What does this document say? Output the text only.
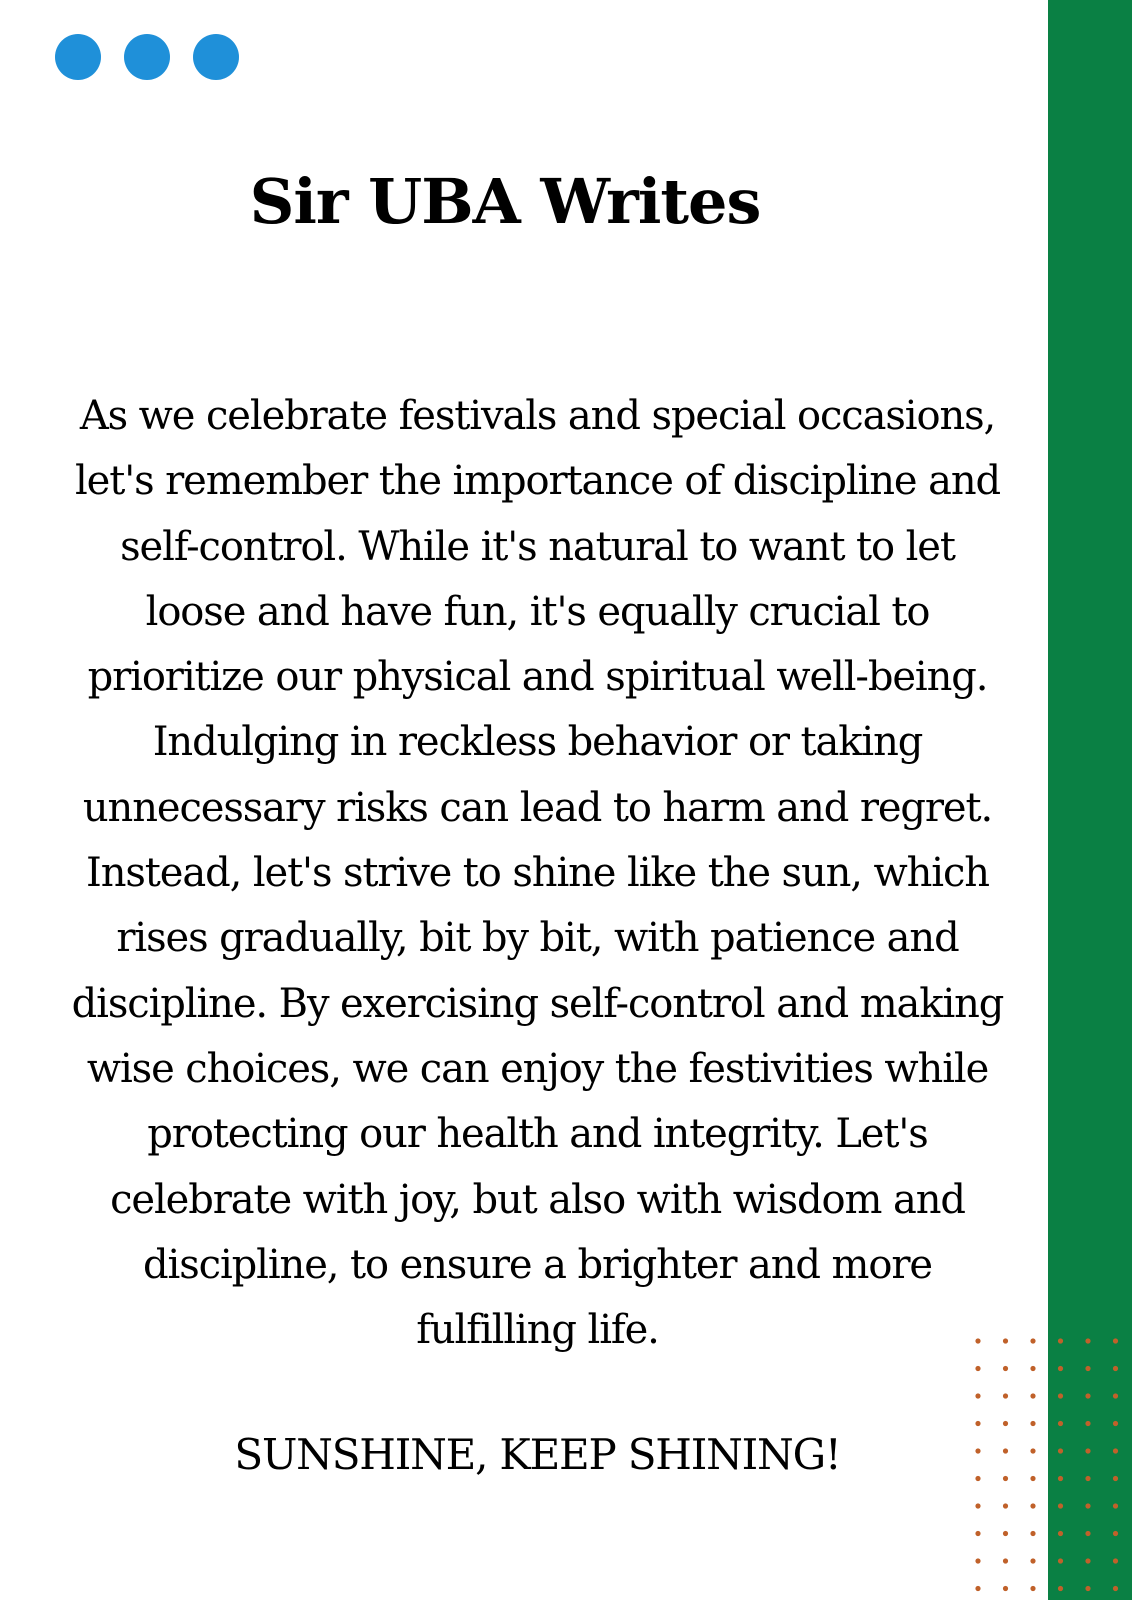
Sir UBA Writes

As we celebrate festivals and special occasions,
let's remember the importance of discipline and
self-control. While it's natural to want to let
loose and have fun, it's equally crucial to
prioritize our physical and spiritual well-being.
Indulging in reckless behavior or taking
unnecessary risks can lead to harm and regret.
Instead, let's strive to shine like the sun, which
rises gradually, bit by bit, with patience and
discipline. By exercising self-control and making
wise choices, we can enjoy the festivities while
protecting our health and integrity. Let's
celebrate with joy, but also with wisdom and
discipline, to ensure a brighter and more
fulfilling life.

SUNSHINE, KEEP SHINING!
